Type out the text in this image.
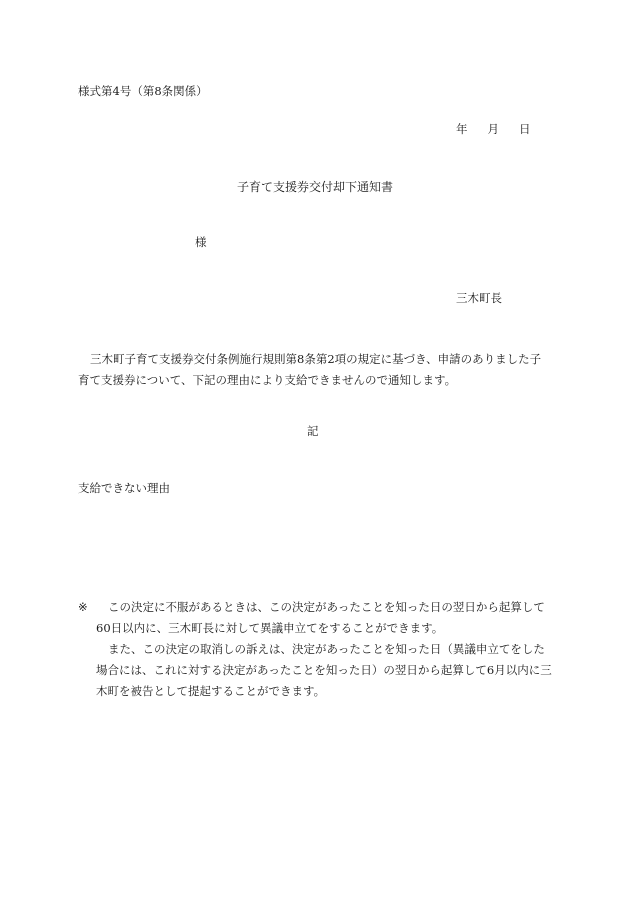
様式第4号（第8条関係）
年 月 日
子育て支援券交付却下通知書
様
三木町長
三木町子育て支援券交付条例施行規則第8条第2項の規定に基づき、申請のありました子育て支援券について、下記の理由により支給できませんので通知します。
記
支給できない理由
※	この決定に不服があるときは、この決定があったことを知った日の翌日から起算して60日以内に、三木町長に対して異議申立てをすることができます。
また、この決定の取消しの訴えは、決定があったことを知った日（異議申立てをした場合には、これに対する決定があったことを知った日）の翌日から起算して6月以内に三木町を被告として提起することができます。
